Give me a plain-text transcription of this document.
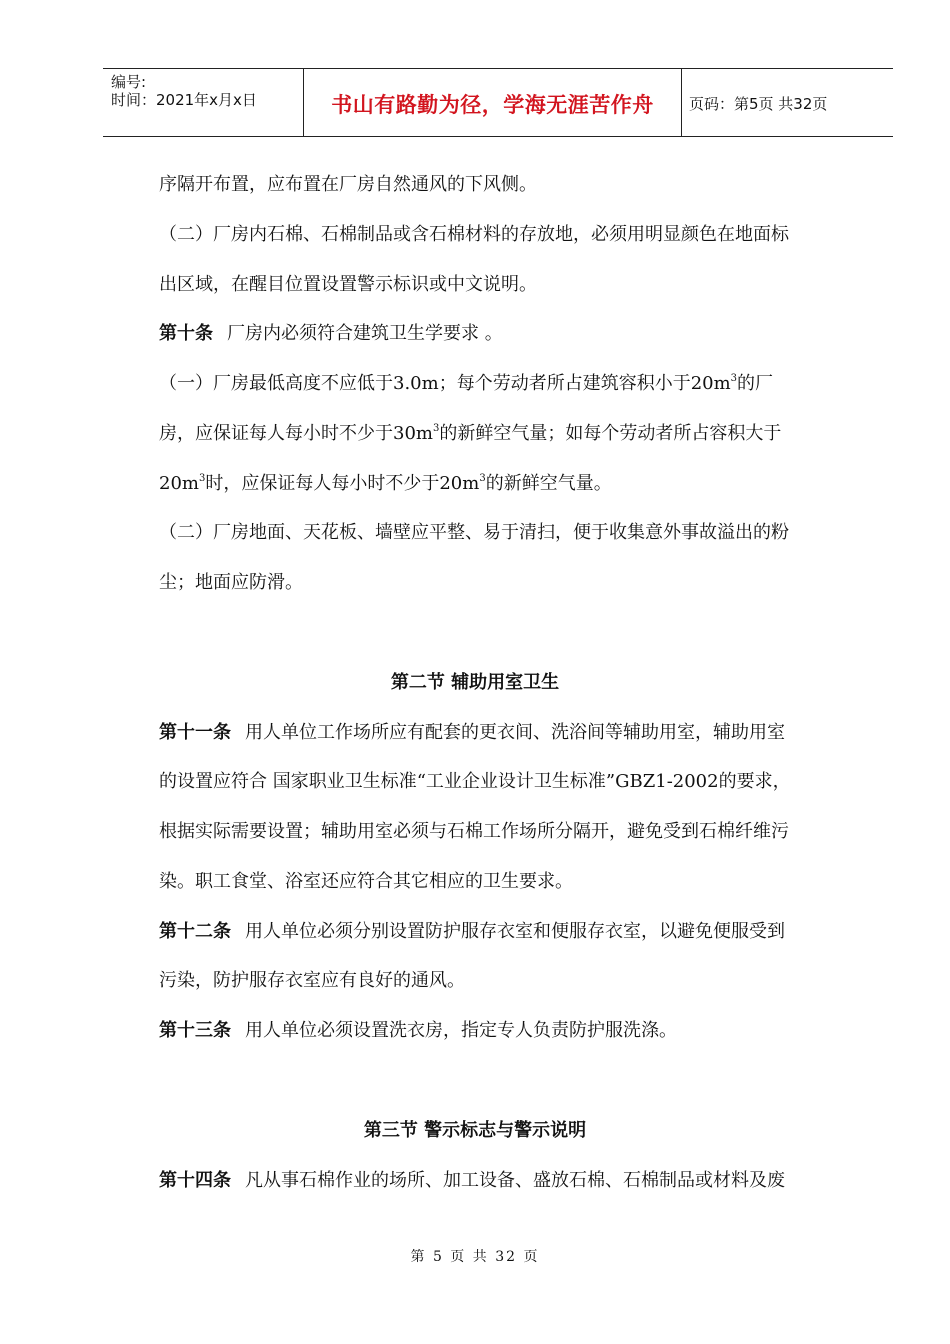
编号:
时间：2021年x月x日	书山有路勤为径，学海无涯苦作舟	页码：第5页 共32页
序隔开布置，应布置在厂房自然通风的下风侧。
（二）厂房内石棉、石棉制品或含石棉材料的存放地，必须用明显颜色在地面标
出区域，在醒目位置设置警示标识或中文说明。
第十条 厂房内必须符合建筑卫生学要求 。
（一）厂房最低高度不应低于3.0m；每个劳动者所占建筑容积小于$20m^3$的厂
房，应保证每人每小时不少于$30m^3$的新鲜空气量；如每个劳动者所占容积大于
$20m^3$时，应保证每人每小时不少于$20m^3$的新鲜空气量。
（二）厂房地面、天花板、墙壁应平整、易于清扫，便于收集意外事故溢出的粉
尘；地面应防滑。
第二节 辅助用室卫生
第十一条 用人单位工作场所应有配套的更衣间、洗浴间等辅助用室，辅助用室
的设置应符合 国家职业卫生标准“工业企业设计卫生标准”GBZ1-2002的要求，
根据实际需要设置；辅助用室必须与石棉工作场所分隔开，避免受到石棉纤维污
染。职工食堂、浴室还应符合其它相应的卫生要求。
第十二条 用人单位必须分别设置防护服存衣室和便服存衣室，以避免便服受到
污染，防护服存衣室应有良好的通风。
第十三条 用人单位必须设置洗衣房，指定专人负责防护服洗涤。
第三节 警示标志与警示说明
第十四条 凡从事石棉作业的场所、加工设备、盛放石棉、石棉制品或材料及废
第 5 页 共 32 页
